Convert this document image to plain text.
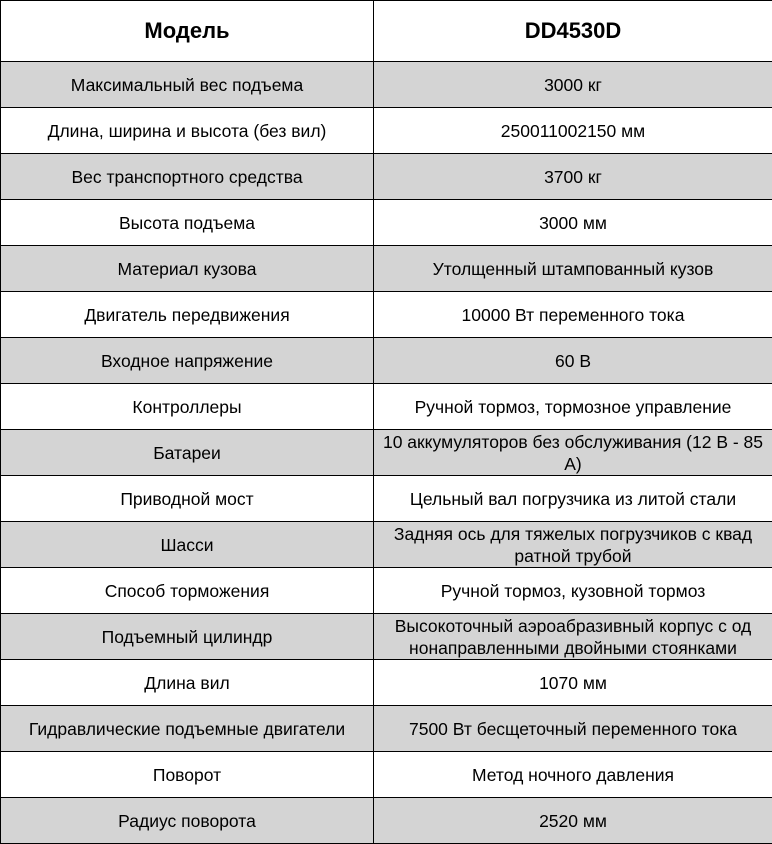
Модель	DD4530D
Максимальный вес подъема	3000 кг
Длина, ширина и высота (без вил)	250011002150 мм
Вес транспортного средства	3700 кг
Высота подъема	3000 мм
Материал кузова	Утолщенный штампованный кузов
Двигатель передвижения	10000 Вт переменного тока
Входное напряжение	60 В
Контроллеры	Ручной тормоз, тормозное управление
Батареи	10 аккумуляторов без обслуживания (12 В - 85 А)
Приводной мост	Цельный вал погрузчика из литой стали
Шасси	Задняя ось для тяжелых погрузчиков с квад ратной трубой
Способ торможения	Ручной тормоз, кузовной тормоз
Подъемный цилиндр	Высокоточный аэроабразивный корпус с од нонаправленными двойными стоянками
Длина вил	1070 мм
Гидравлические подъемные двигатели	7500 Вт бесщеточный переменного тока
Поворот	Метод ночного давления
Радиус поворота	2520 мм
